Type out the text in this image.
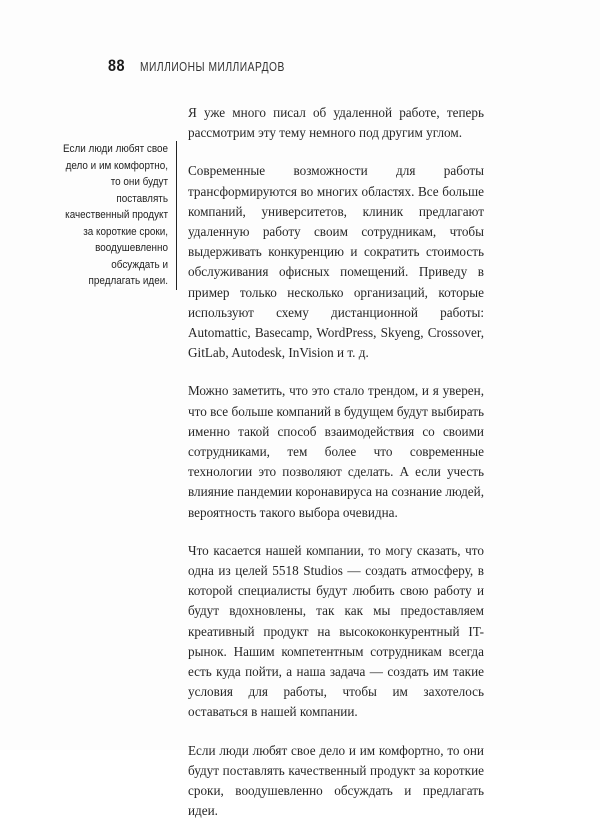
88 МИЛЛИОНЫ МИЛЛИАРДОВ
Если люди любят свое дело и им комфортно, то они будут поставлять качественный продукт за короткие сроки, воодушевленно обсуждать и предлагать идеи.

Я уже много писал об удаленной работе, теперь рассмотрим эту тему немного под другим углом.

Современные возможности для работы трансформируются во многих областях. Все больше компаний, университетов, клиник предлагают удаленную работу своим сотрудникам, чтобы выдерживать конкуренцию и сократить стоимость обслуживания офисных помещений. Приведу в пример только несколько организаций, которые используют схему дистанционной работы: Automattic, Basecamp, WordPress, Skyeng, Crossover, GitLab, Autodesk, InVision и т. д.

Можно заметить, что это стало трендом, и я уверен, что все больше компаний в будущем будут выбирать именно такой способ взаимодействия со своими сотрудниками, тем более что современные технологии это позволяют сделать. А если учесть влияние пандемии коронавируса на сознание людей, вероятность такого выбора очевидна.

Что касается нашей компании, то могу сказать, что одна из целей 5518 Studios — создать атмосферу, в которой специалисты будут любить свою работу и будут вдохновлены, так как мы предоставляем креативный продукт на высококонкурентный IT-рынок. Нашим компетентным сотрудникам всегда есть куда пойти, а наша задача — создать им такие условия для работы, чтобы им захотелось оставаться в нашей компании.

Если люди любят свое дело и им комфортно, то они будут поставлять качественный продукт за короткие сроки, воодушевленно обсуждать и предлагать идеи.
